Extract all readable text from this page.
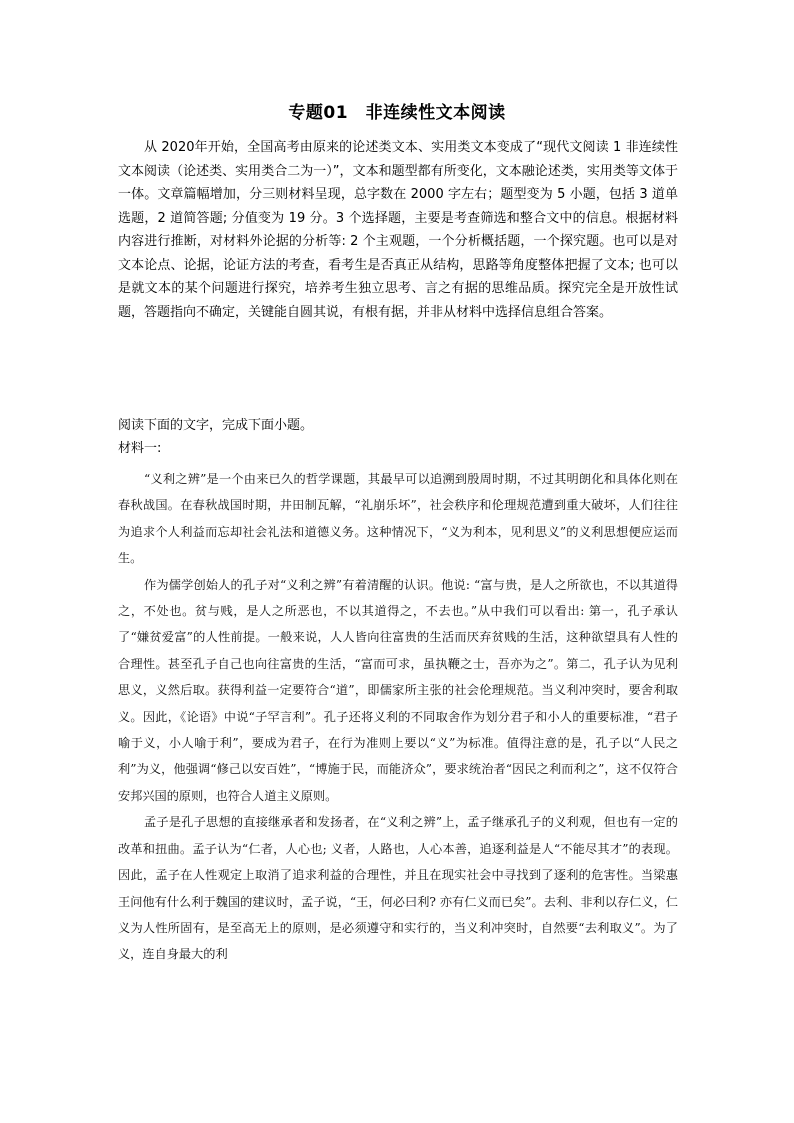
专题01　非连续性文本阅读

从 2020年开始，全国高考由原来的论述类文本、实用类文本变成了“现代文阅读 1 非连续性文本阅读（论述类、实用类合二为一）”，文本和题型都有所变化，文本融论述类，实用类等文体于一体。文章篇幅增加，分三则材料呈现，总字数在 2000 字左右；题型变为 5 小题，包括 3 道单选题，2 道简答题; 分值变为 19 分。3 个选择题，主要是考查筛选和整合文中的信息。根据材料内容进行推断，对材料外论据的分析等: 2 个主观题，一个分析概括题，一个探究题。也可以是对文本论点、论据，论证方法的考查，看考生是否真正从结构，思路等角度整体把握了文本; 也可以是就文本的某个问题进行探究，培养考生独立思考、言之有据的思维品质。探究完全是开放性试题，答题指向不确定，关键能自圆其说，有根有据，并非从材料中选择信息组合答案。

阅读下面的文字，完成下面小题。

材料一:

“义利之辨”是一个由来已久的哲学课题，其最早可以追溯到殷周时期，不过其明朗化和具体化则在春秋战国。在春秋战国时期，井田制瓦解，“礼崩乐坏”，社会秩序和伦理规范遭到重大破坏，人们往往为追求个人利益而忘却社会礼法和道德义务。这种情况下，“义为利本，见利思义”的义利思想便应运而生。

作为儒学创始人的孔子对“义利之辨”有着清醒的认识。他说: “富与贵，是人之所欲也，不以其道得之，不处也。贫与贱，是人之所恶也，不以其道得之，不去也。”从中我们可以看出: 第一，孔子承认了“嫌贫爱富”的人性前提。一般来说，人人皆向往富贵的生活而厌弃贫贱的生活，这种欲望具有人性的合理性。甚至孔子自己也向往富贵的生活，“富而可求，虽执鞭之士，吾亦为之”。第二，孔子认为见利思义，义然后取。获得利益一定要符合“道”，即儒家所主张的社会伦理规范。当义利冲突时，要舍利取义。因此，《论语》中说“子罕言利”。孔子还将义利的不同取舍作为划分君子和小人的重要标准，“君子喻于义，小人喻于利”，要成为君子，在行为准则上要以“义”为标准。值得注意的是，孔子以“人民之利”为义，他强调“修己以安百姓”，“博施于民，而能济众”，要求统治者“因民之利而利之”，这不仅符合安邦兴国的原则，也符合人道主义原则。

孟子是孔子思想的直接继承者和发扬者，在“义利之辨”上，孟子继承孔子的义利观，但也有一定的改革和扭曲。孟子认为“仁者，人心也; 义者，人路也，人心本善，追逐利益是人“不能尽其才”的表现。因此，孟子在人性观定上取消了追求利益的合理性，并且在现实社会中寻找到了逐利的危害性。当梁惠王问他有什么利于魏国的建议时，孟子说，“王，何必曰利? 亦有仁义而已矣”。去利、非利以存仁义，仁义为人性所固有，是至高无上的原则，是必须遵守和实行的，当义利冲突时，自然要“去利取义”。为了义，连自身最大的利
